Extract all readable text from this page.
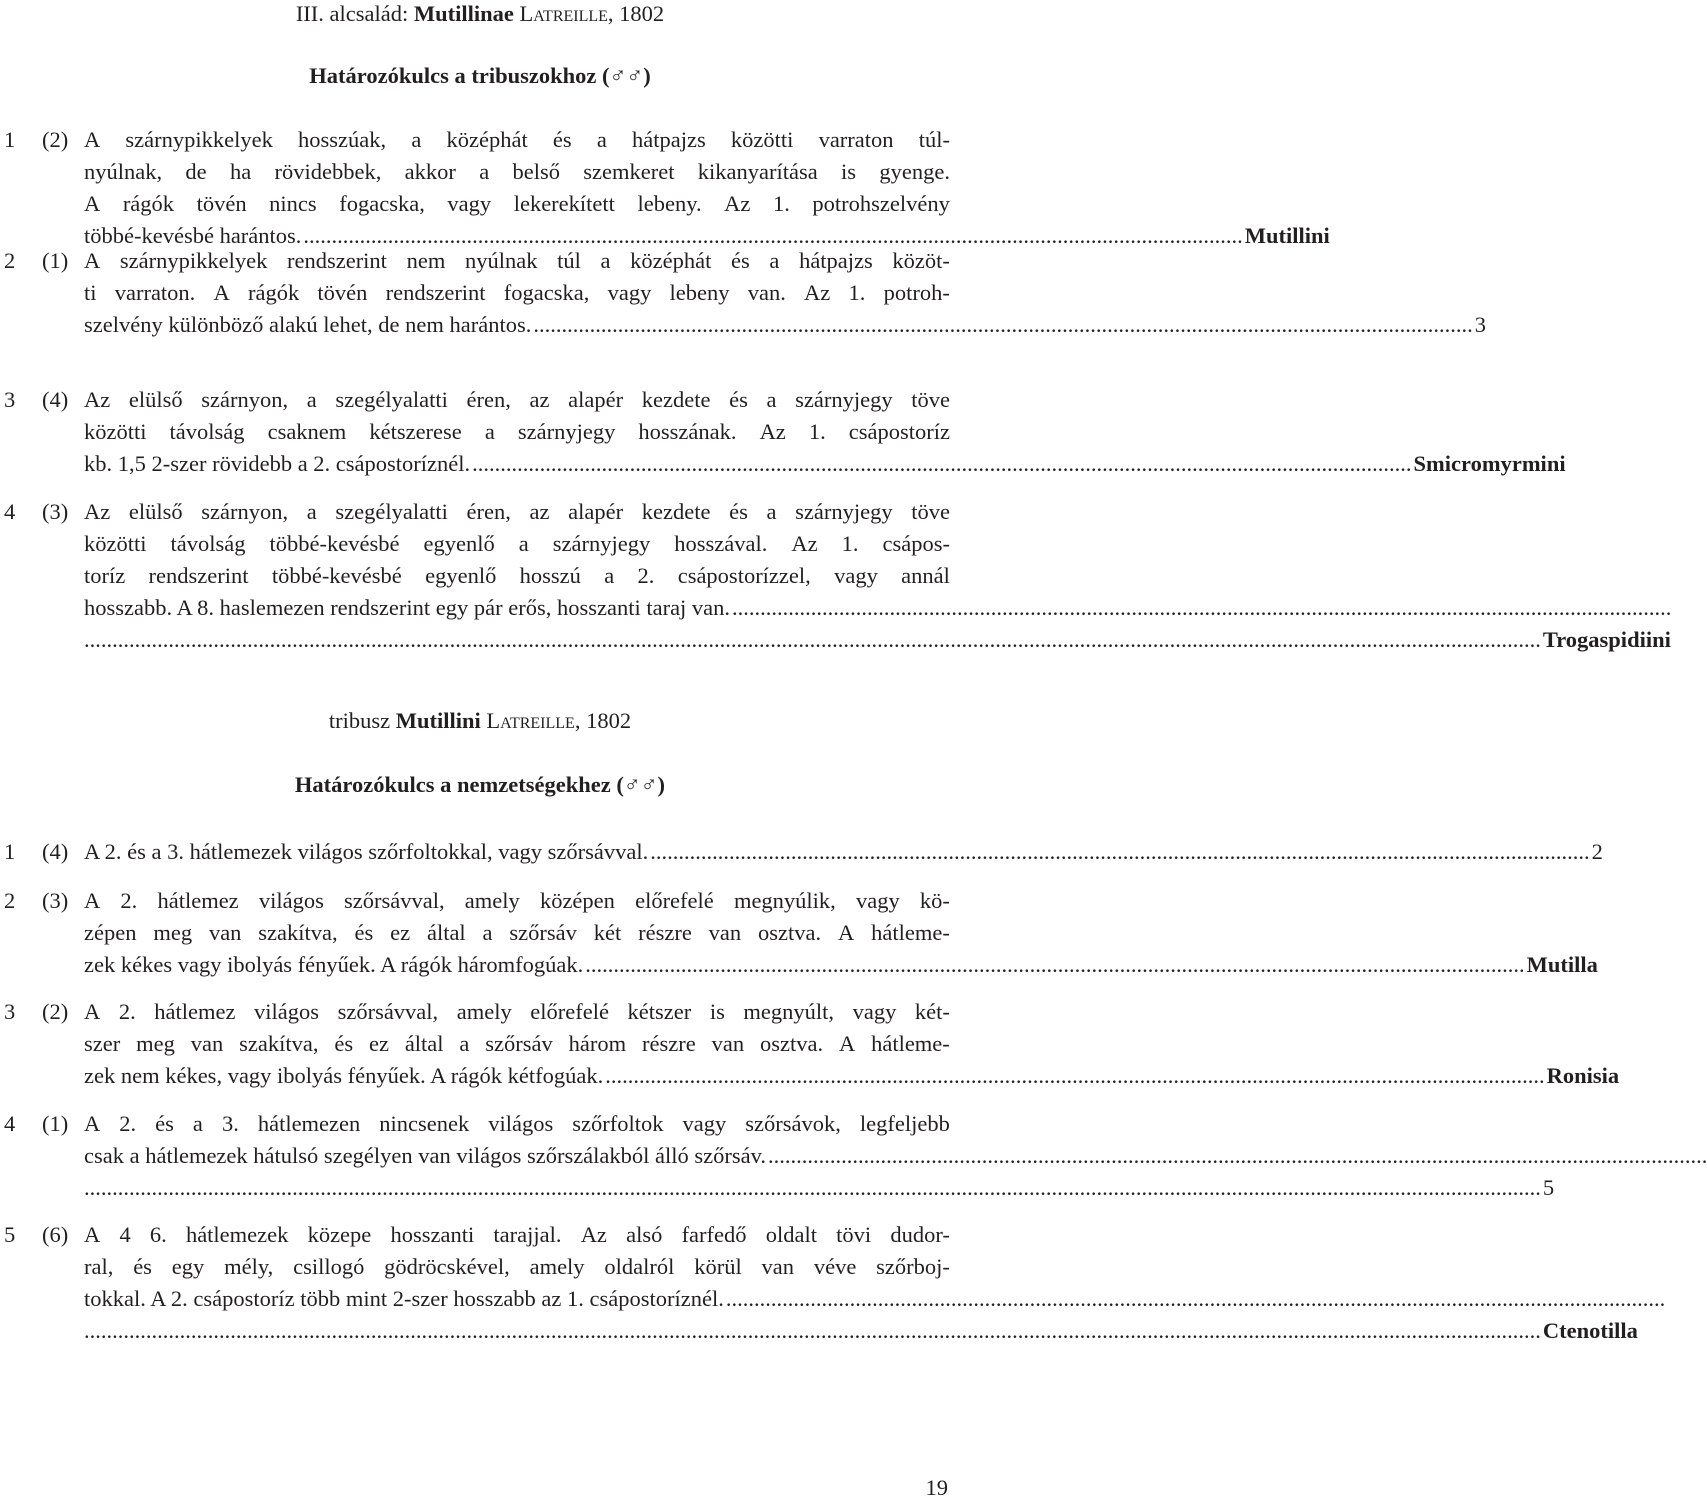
III. alcsalád: Mutillinae Latreille, 1802
Határozókulcs a tribuszokhoz (♂♂)
1 (2) A szárnypikkelyek hosszúak, a középhát és a hátpajzs közötti varraton túl-
nyúlnak, de ha rövidebbek, akkor a belső szemkeret kikanyarítása is gyenge.
A rágók tövén nincs fogacska, vagy lekerekített lebeny. Az 1. potrohszelvény
többé-kevésbé harántos. ....................................................................................................................................................................... Mutillini
2 (1) A szárnypikkelyek rendszerint nem nyúlnak túl a középhát és a hátpajzs közöt-
ti varraton. A rágók tövén rendszerint fogacska, vagy lebeny van. Az 1. potroh-
szelvény különböző alakú lehet, de nem harántos. ....................................................................................................................................................................... 3
3 (4) Az elülső szárnyon, a szegélyalatti éren, az alapér kezdete és a szárnyjegy töve
közötti távolság csaknem kétszerese a szárnyjegy hosszának. Az 1. csápostoríz
kb. 1,5 2-szer rövidebb a 2. csápostoríznél. ....................................................................................................................................................................... Smicromyrmini
4 (3) Az elülső szárnyon, a szegélyalatti éren, az alapér kezdete és a szárnyjegy töve
közötti távolság többé-kevésbé egyenlő a szárnyjegy hosszával. Az 1. csápos-
toríz rendszerint többé-kevésbé egyenlő hosszú a 2. csápostorízzel, vagy annál
hosszabb. A 8. haslemezen rendszerint egy pár erős, hosszanti taraj van. .......................................................................................................................................................................
................................................................................................................................................................................................................................................................... Trogaspidiini
tribusz Mutillini Latreille, 1802
Határozókulcs a nemzetségekhez (♂♂)
1 (4) A 2. és a 3. hátlemezek világos szőrfoltokkal, vagy szőrsávval. ....................................................................................................................................................................... 2
2 (3) A 2. hátlemez világos szőrsávval, amely középen előrefelé megnyúlik, vagy kö-
zépen meg van szakítva, és ez által a szőrsáv két részre van osztva. A hátleme-
zek kékes vagy ibolyás fényűek. A rágók háromfogúak. ....................................................................................................................................................................... Mutilla
3 (2) A 2. hátlemez világos szőrsávval, amely előrefelé kétszer is megnyúlt, vagy két-
szer meg van szakítva, és ez által a szőrsáv három részre van osztva. A hátleme-
zek nem kékes, vagy ibolyás fényűek. A rágók kétfogúak. ....................................................................................................................................................................... Ronisia
4 (1) A 2. és a 3. hátlemezen nincsenek világos szőrfoltok vagy szőrsávok, legfeljebb
csak a hátlemezek hátulsó szegélyen van világos szőrszálakból álló szőrsáv. .......................................................................................................................................................................
................................................................................................................................................................................................................................................................... 5
5 (6) A 4 6. hátlemezek közepe hosszanti tarajjal. Az alsó farfedő oldalt tövi dudor-
ral, és egy mély, csillogó gödröcskével, amely oldalról körül van véve szőrboj-
tokkal. A 2. csápostoríz több mint 2-szer hosszabb az 1. csápostoríznél. .......................................................................................................................................................................
................................................................................................................................................................................................................................................................... Ctenotilla
19
